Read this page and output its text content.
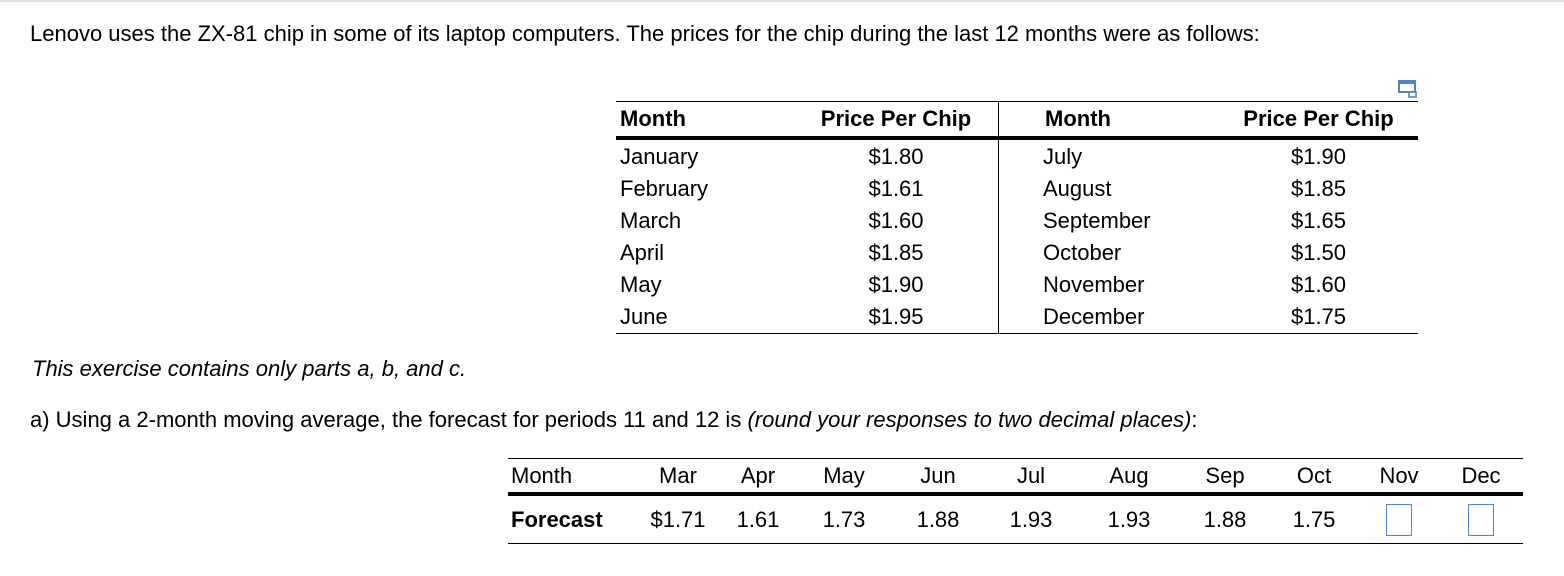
Lenovo uses the ZX-81 chip in some of its laptop computers. The prices for the chip during the last 12 months were as follows:
Month	Price Per Chip	Month	Price Per Chip
January	$1.80	July	$1.90
February	$1.61	August	$1.85
March	$1.60	September	$1.65
April	$1.85	October	$1.50
May	$1.90	November	$1.60
June	$1.95	December	$1.75
This exercise contains only parts a, b, and c.
a) Using a 2-month moving average, the forecast for periods 11 and 12 is (round your responses to two decimal places):
Month	Mar	Apr	May	Jun	Jul	Aug	Sep	Oct	Nov	Dec
Forecast	$1.71	1.61	1.73	1.88	1.93	1.93	1.88	1.75		
